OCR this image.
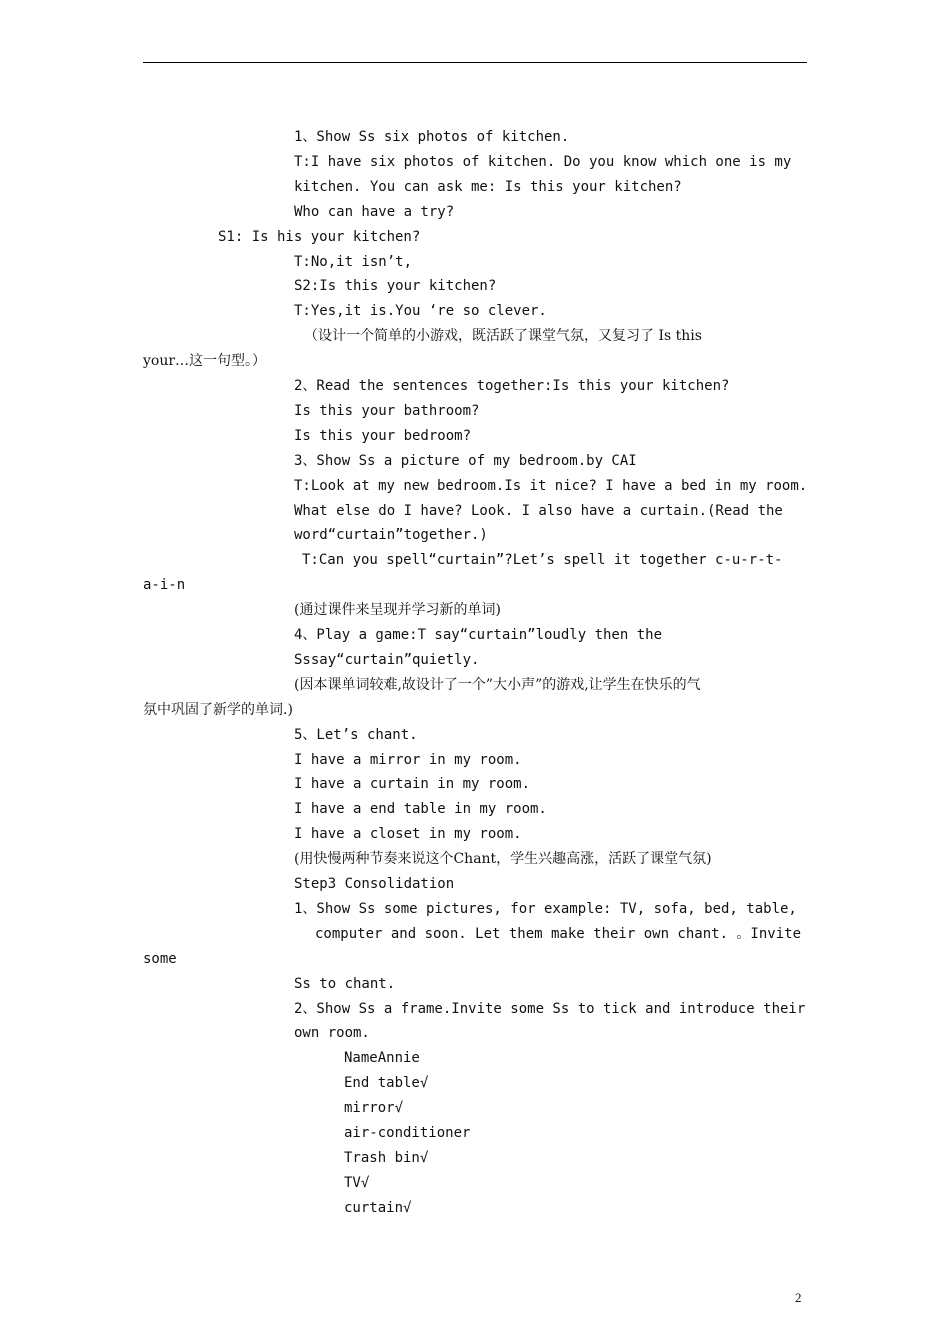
1、Show Ss six photos of kitchen.
T:I have six photos of kitchen. Do you know which one is my
kitchen. You can ask me: Is this your kitchen?
Who can have a try?
S1: Is his your kitchen?
T:No,it isn’t,
S2:Is this your kitchen?
T:Yes,it is.You ‘re so clever.
（设计一个简单的小游戏，既活跃了课堂气氛，又复习了 Is this
your…这一句型。）
2、Read the sentences together:Is this your kitchen?
Is this your bathroom?
Is this your bedroom?
3、Show Ss a picture of my bedroom.by CAI
T:Look at my new bedroom.Is it nice? I have a bed in my room.
What else do I have? Look. I also have a curtain.(Read the
word“curtain”together.)
T:Can you spell“curtain”?Let’s spell it together c-u-r-t-
a-i-n
(通过课件来呈现并学习新的单词)
4、Play a game:T say“curtain”loudly then the
Sssay“curtain”quietly.
(因本课单词较难,故设计了一个”大小声”的游戏,让学生在快乐的气
氛中巩固了新学的单词.)
5、Let’s chant.
I have a mirror in my room.
I have a curtain in my room.
I have a end table in my room.
I have a closet in my room.
(用快慢两种节奏来说这个Chant，学生兴趣高涨，活跃了课堂气氛)
Step3 Consolidation
1、Show Ss some pictures, for example: TV, sofa, bed, table,
computer and soon. Let them make their own chant. 。Invite
some
Ss to chant.
2、Show Ss a frame.Invite some Ss to tick and introduce their
own room.
NameAnnie
End table√
mirror√
air-conditioner
Trash bin√
TV√
curtain√
2
